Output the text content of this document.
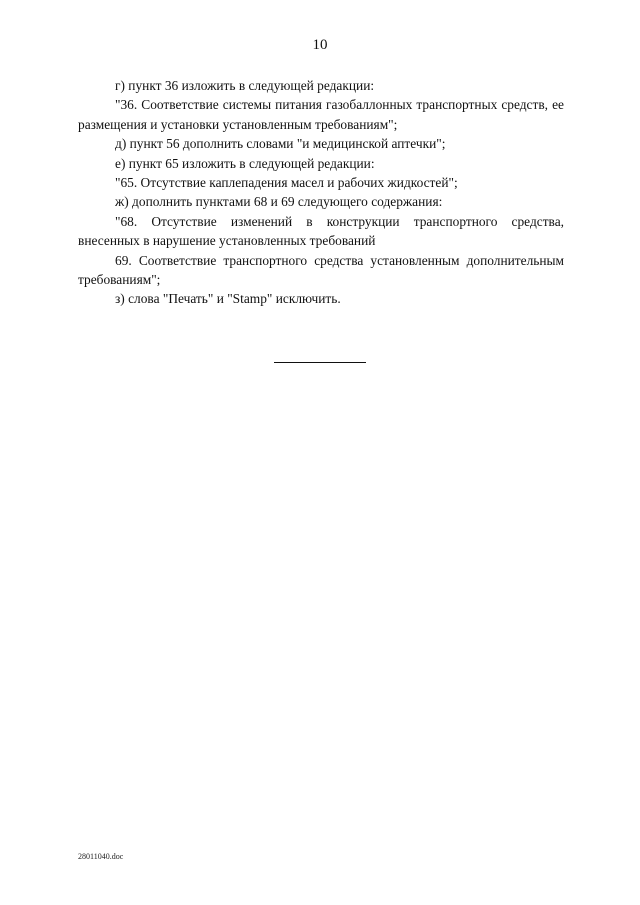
10

г) пункт 36 изложить в следующей редакции:

"36. Соответствие системы питания газобаллонных транспортных средств, ее размещения и установки установленным требованиям";

д) пункт 56 дополнить словами "и медицинской аптечки";

е) пункт 65 изложить в следующей редакции:

"65. Отсутствие каплепадения масел и рабочих жидкостей";

ж) дополнить пунктами 68 и 69 следующего содержания:

"68. Отсутствие изменений в конструкции транспортного средства, внесенных в нарушение установленных требований

69. Соответствие транспортного средства установленным дополнительным требованиям";

з) слова "Печать" и "Stamp" исключить.

28011040.doc
